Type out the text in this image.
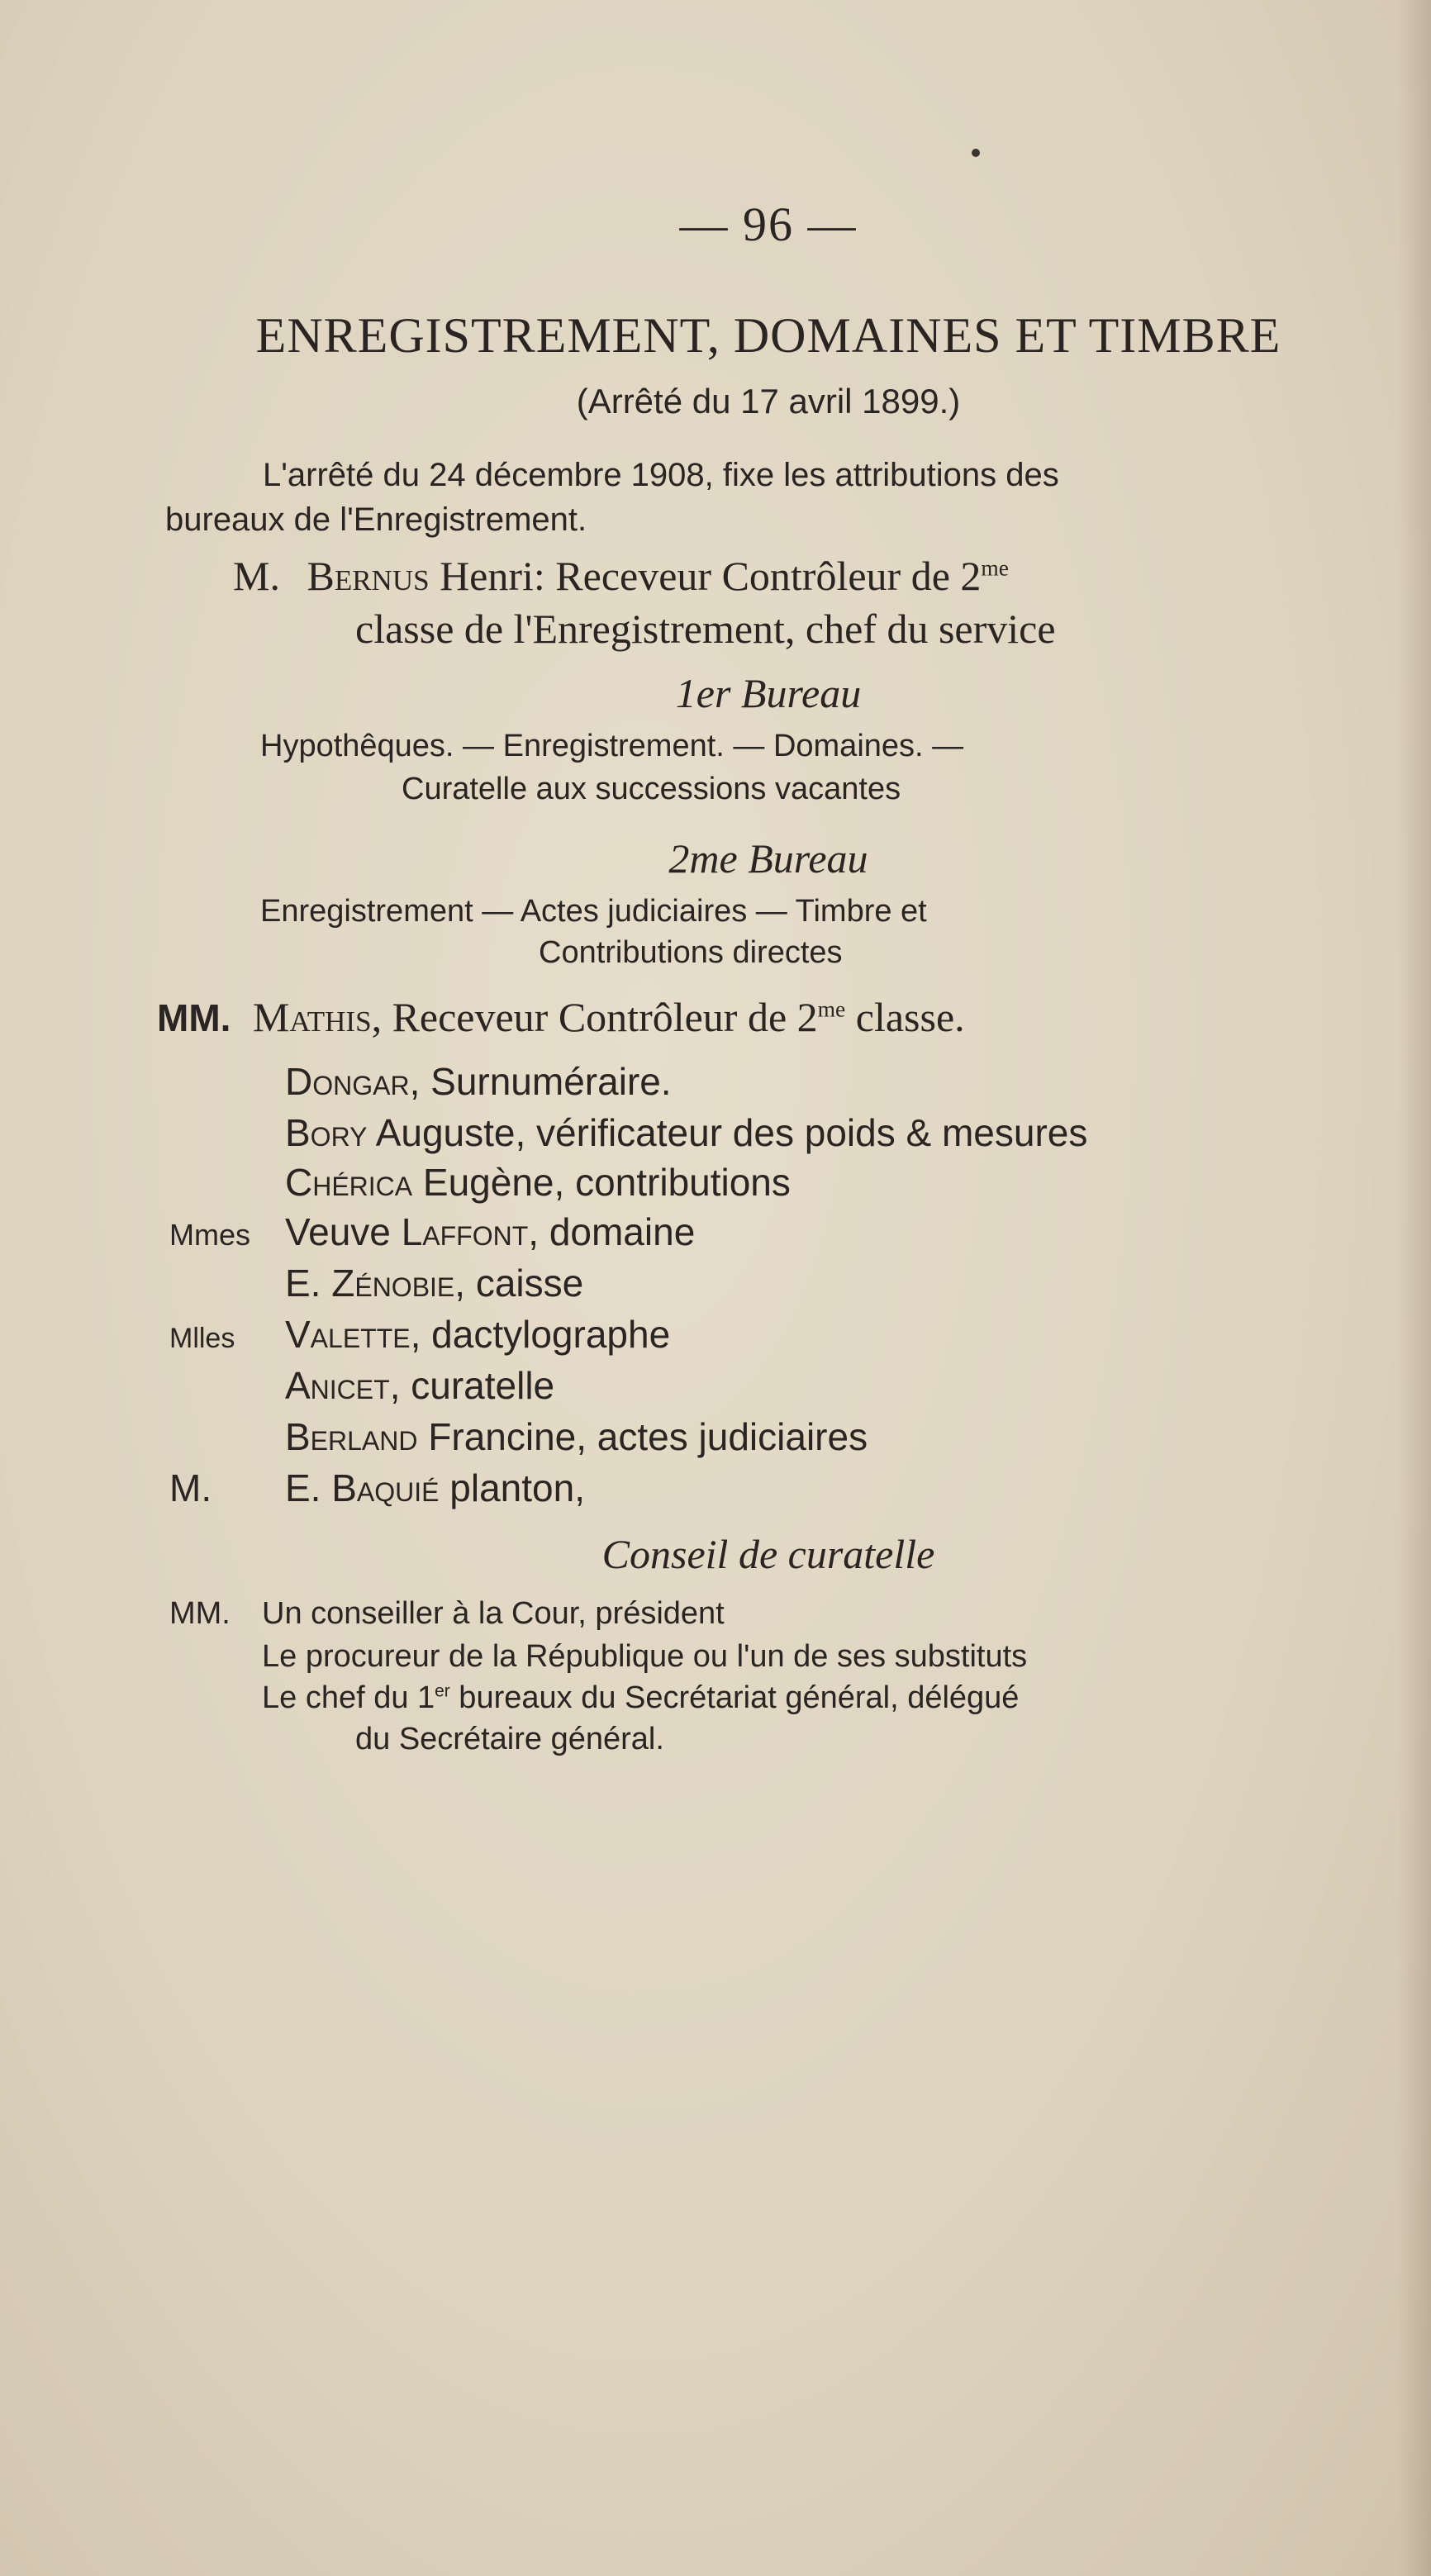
— 96 —
ENREGISTREMENT, DOMAINES ET TIMBRE
(Arrêté du 17 avril 1899.)
L'arrêté du 24 décembre 1908, fixe les attributions des
bureaux de l'Enregistrement.
M. Bernus Henri: Receveur Contrôleur de $2^{me}$
classe de l'Enregistrement, chef du service
1er Bureau
Hypothêques. — Enregistrement. — Domaines. —
Curatelle aux successions vacantes
2me Bureau
Enregistrement — Actes judiciaires — Timbre et
Contributions directes
MM. Mathis, Receveur Contrôleur de $2^{me}$ classe.
Dongar, Surnuméraire.
Bory Auguste, vérificateur des poids & mesures
Chérica Eugène, contributions
Mmes Veuve Laffont, domaine
E. Zénobie, caisse
Mlles Valette, dactylographe
Anicet, curatelle
Berland Francine, actes judiciaires
M. E. Baquié planton,
Conseil de curatelle
MM. Un conseiller à la Cour, président
Le procureur de la République ou l'un de ses substituts
Le chef du 1er bureaux du Secrétariat général, délégué
du Secrétaire général.
